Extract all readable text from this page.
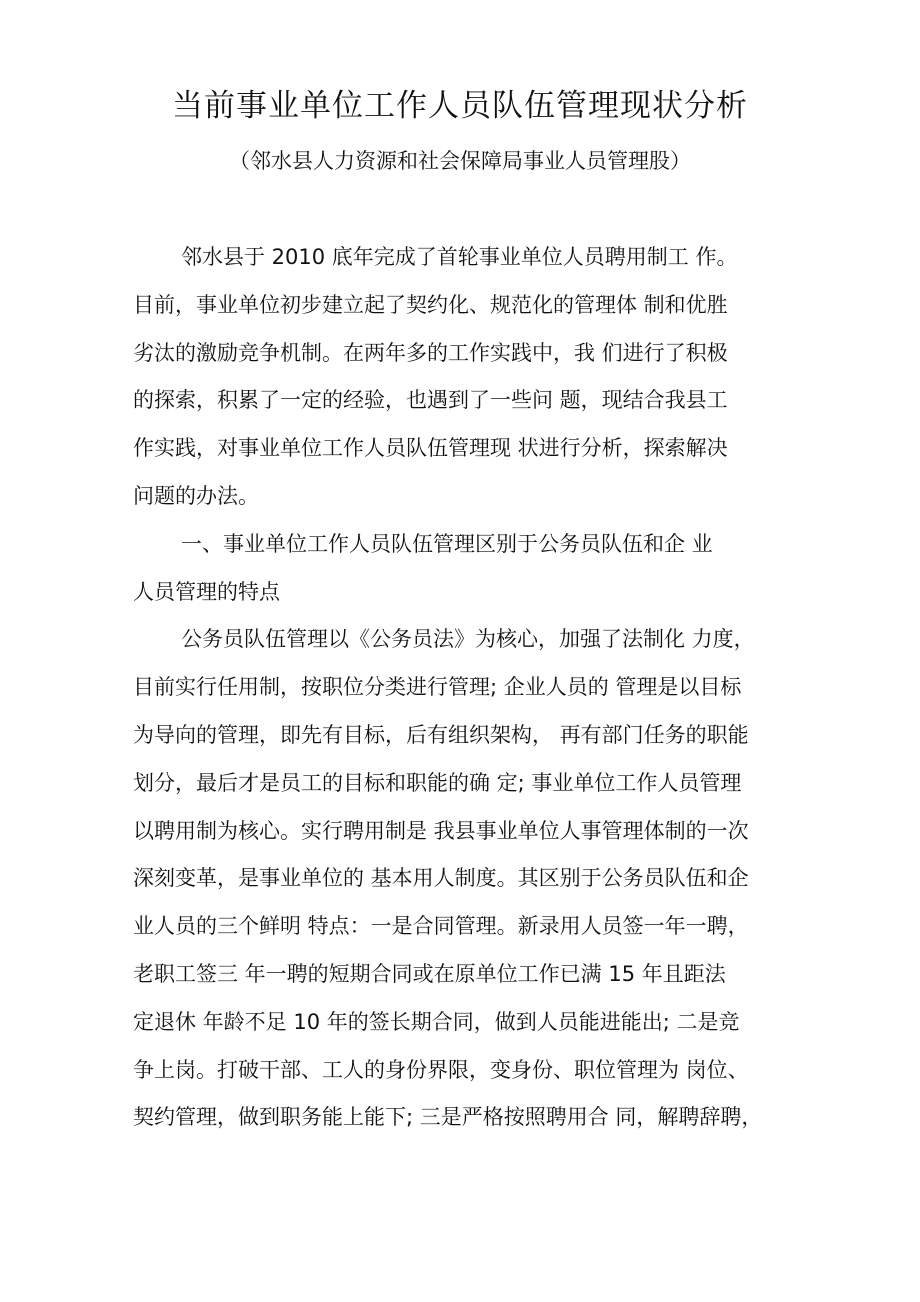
当前事业单位工作人员队伍管理现状分析
（邻水县人力资源和社会保障局事业人员管理股）
邻水县于 2010 底年完成了首轮事业单位人员聘用制工 作。
目前，事业单位初步建立起了契约化、规范化的管理体 制和优胜
劣汰的激励竞争机制。在两年多的工作实践中，我 们进行了积极
的探索，积累了一定的经验，也遇到了一些问 题，现结合我县工
作实践，对事业单位工作人员队伍管理现 状进行分析，探索解决
问题的办法。
一、事业单位工作人员队伍管理区别于公务员队伍和企 业
人员管理的特点
公务员队伍管理以《公务员法》为核心，加强了法制化 力度，
目前实行任用制，按职位分类进行管理; 企业人员的 管理是以目标
为导向的管理，即先有目标，后有组织架构， 再有部门任务的职能
划分，最后才是员工的目标和职能的确 定; 事业单位工作人员管理
以聘用制为核心。实行聘用制是 我县事业单位人事管理体制的一次
深刻变革，是事业单位的 基本用人制度。其区别于公务员队伍和企
业人员的三个鲜明 特点：一是合同管理。新录用人员签一年一聘，
老职工签三 年一聘的短期合同或在原单位工作已满 15 年且距法
定退休 年龄不足 10 年的签长期合同，做到人员能进能出; 二是竞
争上岗。打破干部、工人的身份界限，变身份、职位管理为 岗位、
契约管理，做到职务能上能下; 三是严格按照聘用合 同，解聘辞聘，
